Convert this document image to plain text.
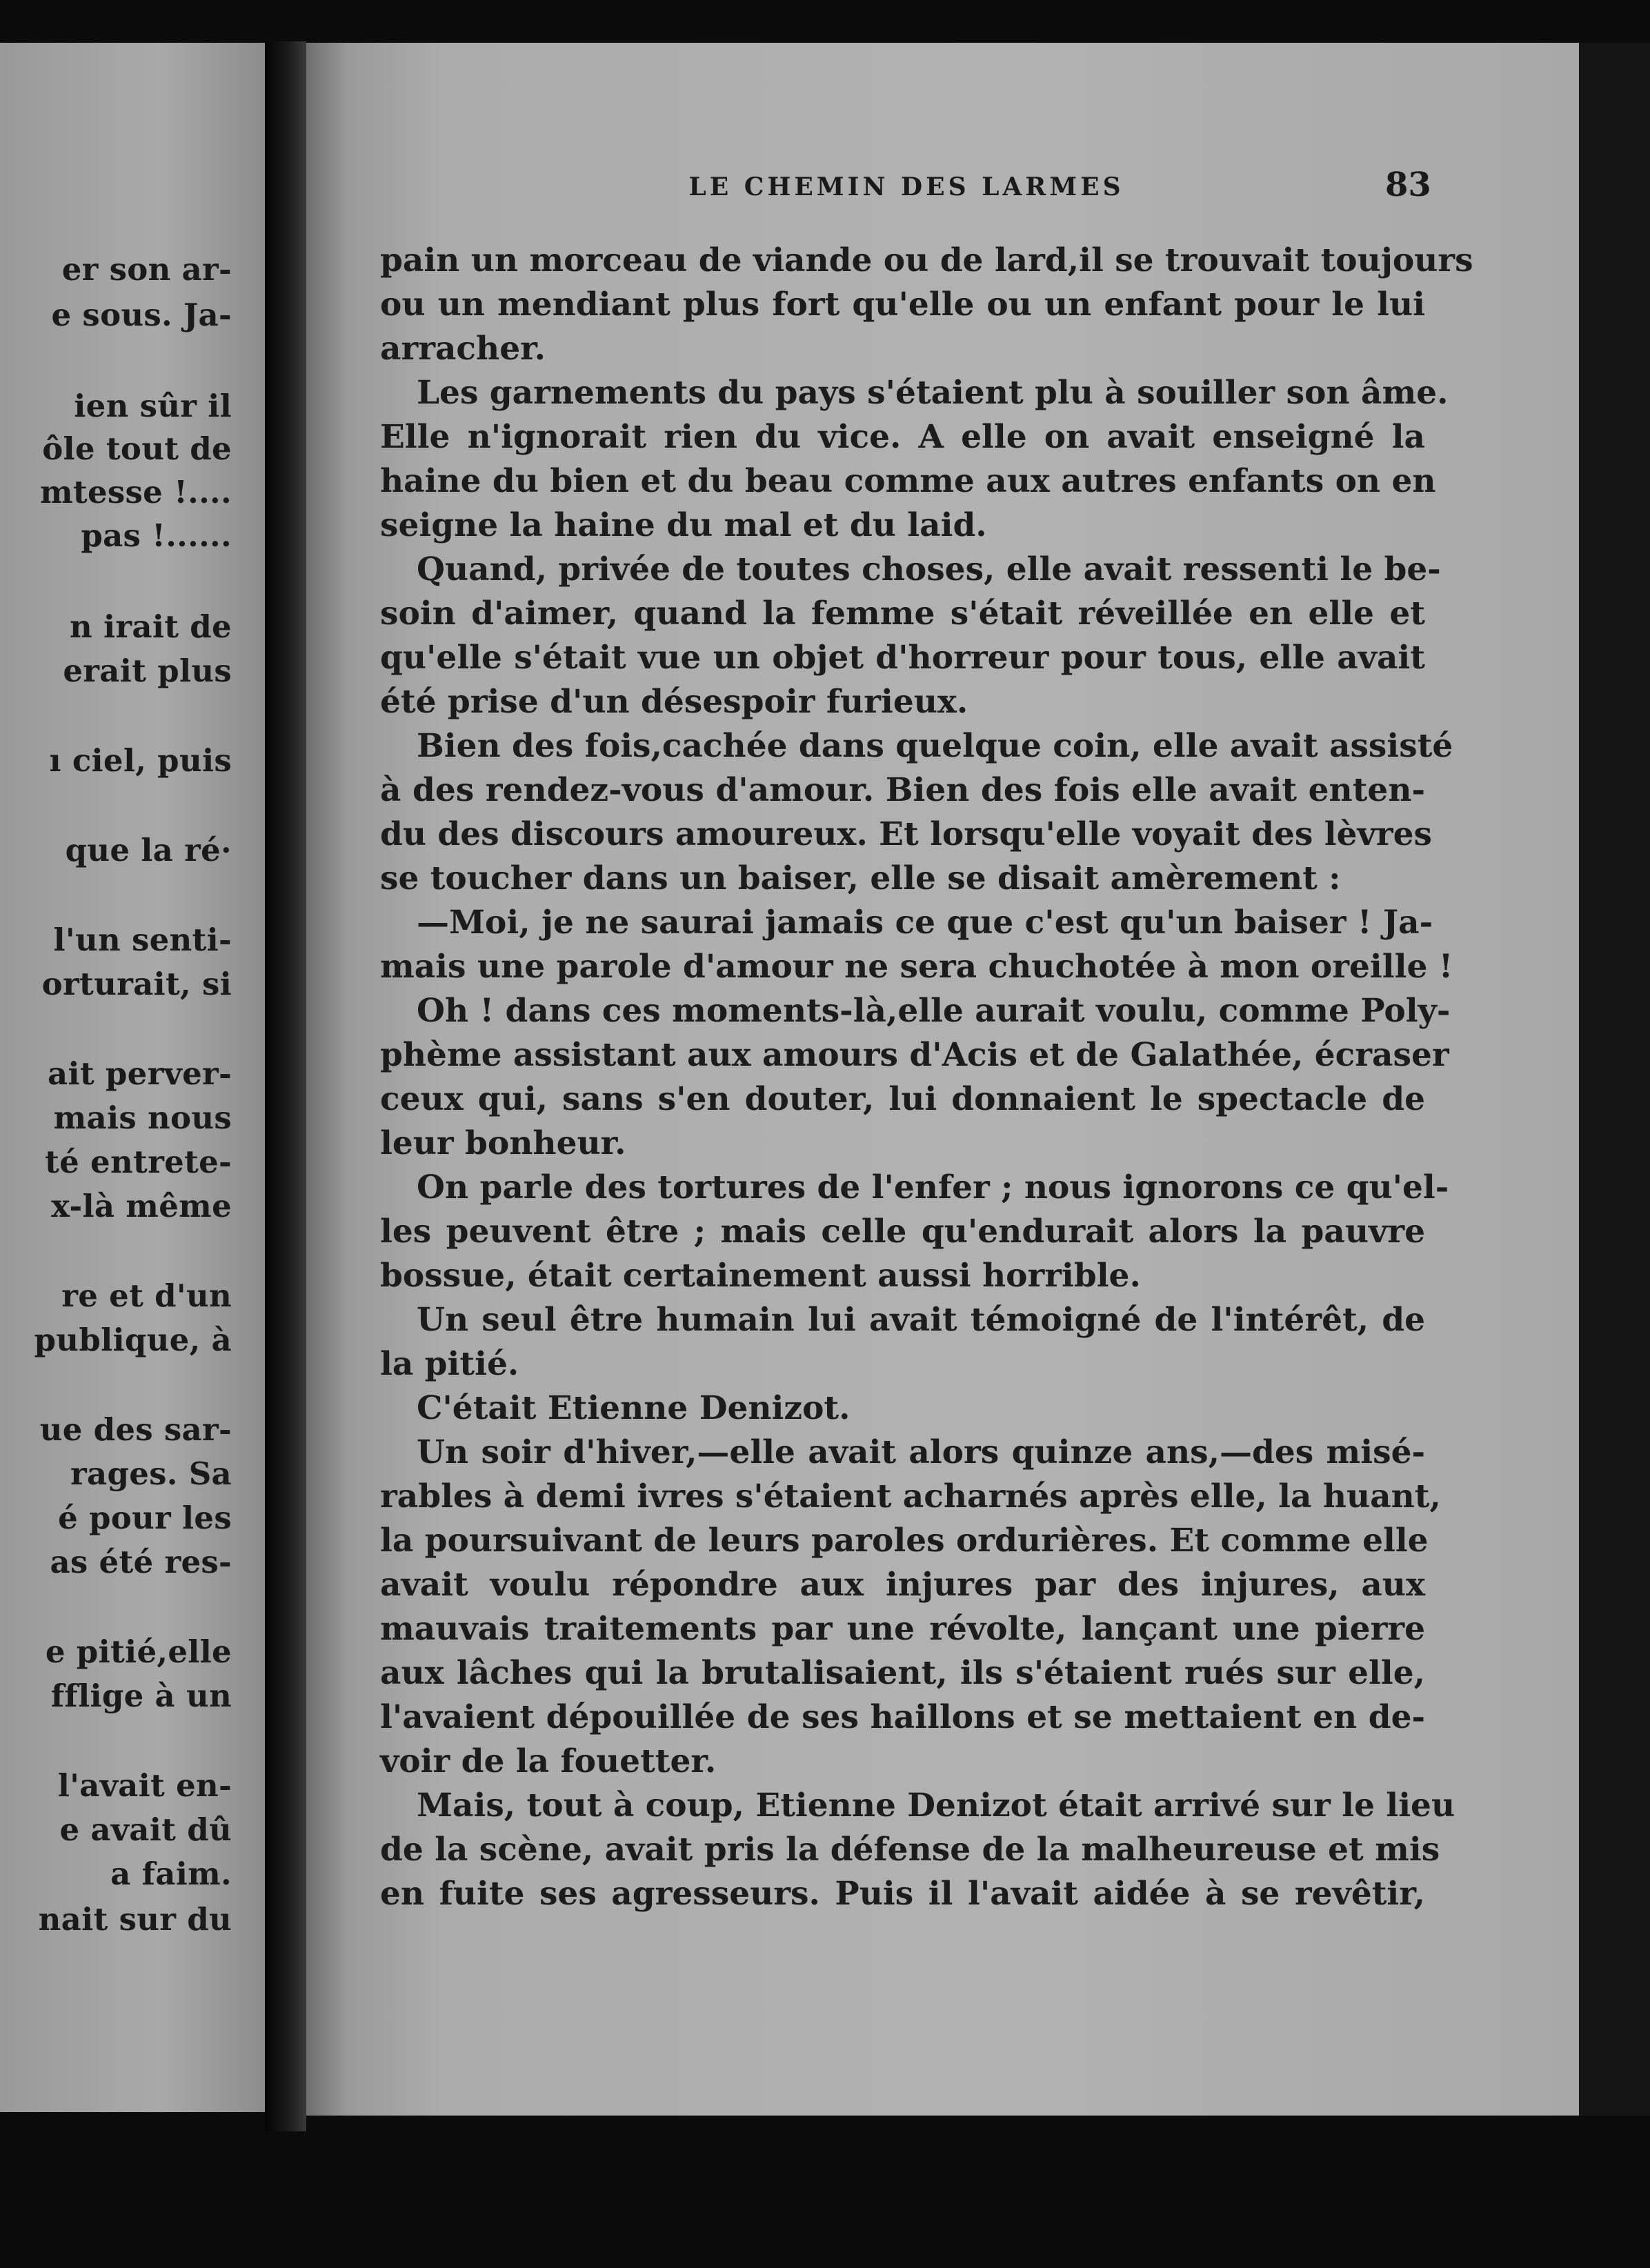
er son ar-
e sous. Ja-
ien sûr il
ôle tout de
mtesse !....
pas !......
n irait de
erait plus
ı ciel, puis
que la ré·
l'un senti-
orturait, si
ait perver-
mais nous
té entrete-
x-là même
re et d'un
publique, à
ue des sar-
rages. Sa
é pour les
as été res-
e pitié,elle
fflige à un
l'avait en-
e avait dû
a faim.
nait sur du
LE CHEMIN DES LARMES	83
pain un morceau de viande ou de lard,il se trouvait toujours
ou un mendiant plus fort qu'elle ou un enfant pour le lui
arracher.
Les garnements du pays s'étaient plu à souiller son âme.
Elle n'ignorait rien du vice. A elle on avait enseigné la
haine du bien et du beau comme aux autres enfants on en
seigne la haine du mal et du laid.
Quand, privée de toutes choses, elle avait ressenti le be-
soin d'aimer, quand la femme s'était réveillée en elle et
qu'elle s'était vue un objet d'horreur pour tous, elle avait
été prise d'un désespoir furieux.
Bien des fois,cachée dans quelque coin, elle avait assisté
à des rendez-vous d'amour. Bien des fois elle avait enten-
du des discours amoureux. Et lorsqu'elle voyait des lèvres
se toucher dans un baiser, elle se disait amèrement :
—Moi, je ne saurai jamais ce que c'est qu'un baiser ! Ja-
mais une parole d'amour ne sera chuchotée à mon oreille !
Oh ! dans ces moments-là,elle aurait voulu, comme Poly-
phème assistant aux amours d'Acis et de Galathée, écraser
ceux qui, sans s'en douter, lui donnaient le spectacle de
leur bonheur.
On parle des tortures de l'enfer ; nous ignorons ce qu'el-
les peuvent être ; mais celle qu'endurait alors la pauvre
bossue, était certainement aussi horrible.
Un seul être humain lui avait témoigné de l'intérêt, de
la pitié.
C'était Etienne Denizot.
Un soir d'hiver,—elle avait alors quinze ans,—des misé-
rables à demi ivres s'étaient acharnés après elle, la huant,
la poursuivant de leurs paroles ordurières. Et comme elle
avait voulu répondre aux injures par des injures, aux
mauvais traitements par une révolte, lançant une pierre
aux lâches qui la brutalisaient, ils s'étaient rués sur elle,
l'avaient dépouillée de ses haillons et se mettaient en de-
voir de la fouetter.
Mais, tout à coup, Etienne Denizot était arrivé sur le lieu
de la scène, avait pris la défense de la malheureuse et mis
en fuite ses agresseurs. Puis il l'avait aidée à se revêtir,
